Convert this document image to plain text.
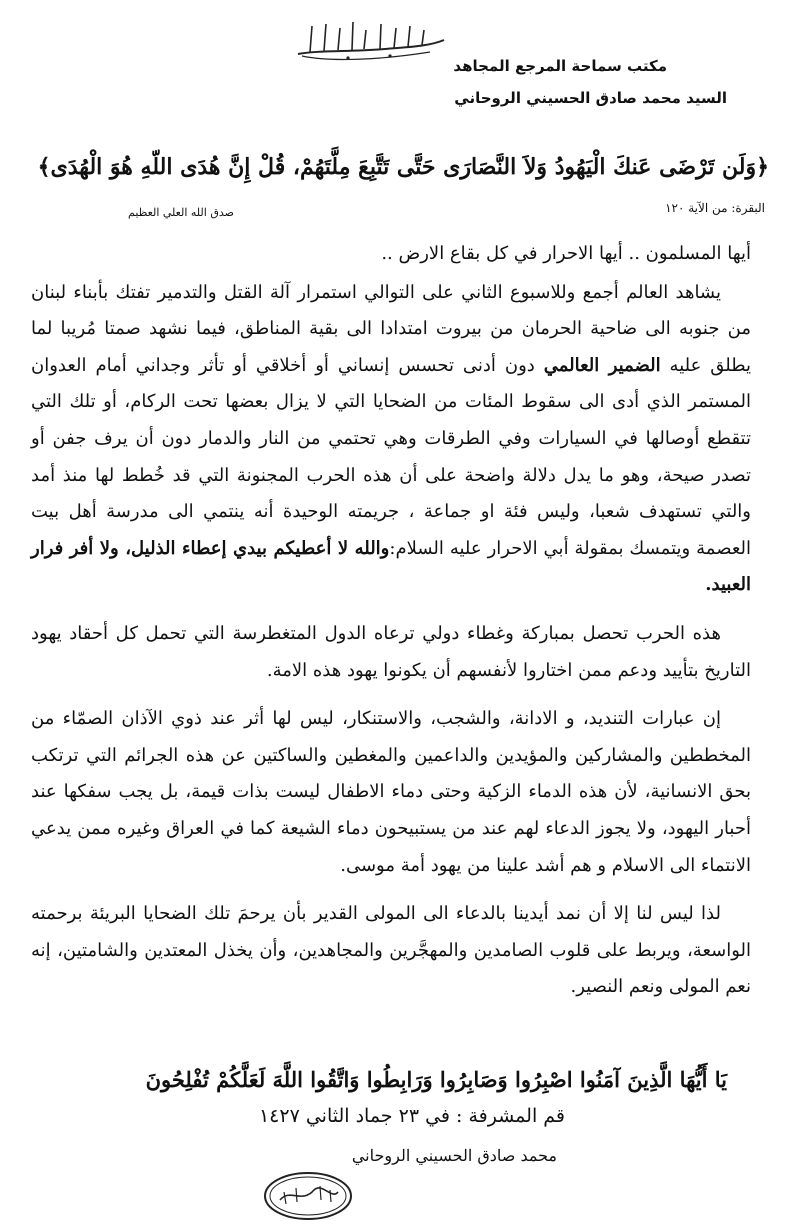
مكتب سماحة المرجع المجاهد
السيد محمد صادق الحسيني الروحاني
﴿وَلَن تَرْضَى عَنكَ الْيَهُودُ وَلاَ النَّصَارَى حَتَّى تَتَّبِعَ مِلَّتَهُمْ، قُلْ إِنَّ هُدَى اللّهِ هُوَ الْهُدَى﴾ البقرة: من الآية ١٢٠
صدق الله العلي العظيم

أيها المسلمون .. أيها الاحرار في كل بقاع الارض ..

يشاهد العالم أجمع وللاسبوع الثاني على التوالي استمرار آلة القتل والتدمير تفتك بأبناء لبنان من جنوبه الى ضاحية الحرمان من بيروت امتدادا الى بقية المناطق، فيما نشهد صمتا مُريبا لما يطلق عليه الضمير العالمي دون أدنى تحسس إنساني أو أخلاقي أو تأثر وجداني أمام العدوان المستمر الذي أدى الى سقوط المئات من الضحايا التي لا يزال بعضها تحت الركام، أو تلك التي تتقطع أوصالها في السيارات وفي الطرقات وهي تحتمي من النار والدمار دون أن يرف جفن أو تصدر صيحة، وهو ما يدل دلالة واضحة على أن هذه الحرب المجنونة التي قد خُطط لها منذ أمد والتي تستهدف شعبا، وليس فئة او جماعة ، جريمته الوحيدة أنه ينتمي الى مدرسة أهل بيت العصمة ويتمسك بمقولة أبي الاحرار عليه السلام:والله لا أعطيكم بيدي إعطاء الذليل، ولا أفر فرار العبيد.

هذه الحرب تحصل بمباركة وغطاء دولي ترعاه الدول المتغطرسة التي تحمل كل أحقاد يهود التاريخ بتأييد ودعم ممن اختاروا لأنفسهم أن يكونوا يهود هذه الامة.

إن عبارات التنديد، و الادانة، والشجب، والاستنكار، ليس لها أثر عند ذوي الآذان الصمّاء من المخططين والمشاركين والمؤيدين والداعمين والمغطين والساكتين عن هذه الجرائم التي ترتكب بحق الانسانية، لأن هذه الدماء الزكية وحتى دماء الاطفال ليست بذات قيمة، بل يجب سفكها عند أحبار اليهود، ولا يجوز الدعاء لهم عند من يستبيحون دماء الشيعة كما في العراق وغيره ممن يدعي الانتماء الى الاسلام و هم أشد علينا من يهود أمة موسى.

لذا ليس لنا إلا أن نمد أيدينا بالدعاء الى المولى القدير بأن يرحمَ تلك الضحايا البريئة برحمته الواسعة، ويربط على قلوب الصامدين والمهجَّرين والمجاهدين، وأن يخذل المعتدين والشامتين، إنه نعم المولى ونعم النصير.

يَا أَيُّهَا الَّذِينَ آمَنُوا اصْبِرُوا وَصَابِرُوا وَرَابِطُوا وَاتَّقُوا اللَّهَ لَعَلَّكُمْ تُفْلِحُونَ
قم المشرفة : في ٢٣ جماد الثاني ١٤٢٧
محمد صادق الحسيني الروحاني
